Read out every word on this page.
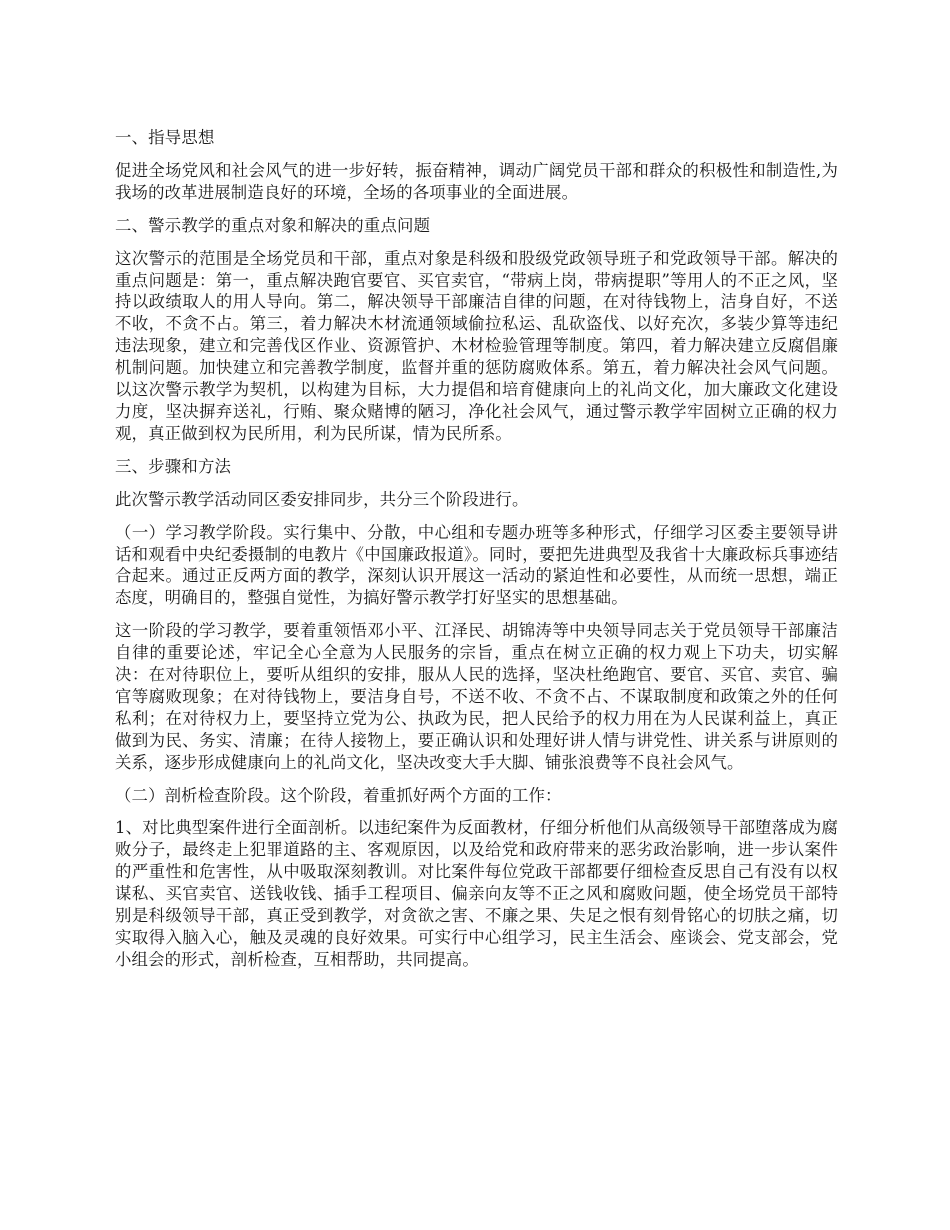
一、指导思想
促进全场党风和社会风气的进一步好转，振奋精神，调动广阔党员干部和群众的积极性和制造性,为我场的改革进展制造良好的环境，全场的各项事业的全面进展。
二、警示教学的重点对象和解决的重点问题
这次警示的范围是全场党员和干部，重点对象是科级和股级党政领导班子和党政领导干部。解决的重点问题是：第一，重点解决跑官要官、买官卖官，“带病上岗，带病提职”等用人的不正之风，坚持以政绩取人的用人导向。第二，解决领导干部廉洁自律的问题，在对待钱物上，洁身自好，不送不收，不贪不占。第三，着力解决木材流通领域偷拉私运、乱砍盗伐、以好充次，多装少算等违纪违法现象，建立和完善伐区作业、资源管护、木材检验管理等制度。第四，着力解决建立反腐倡廉机制问题。加快建立和完善教学制度，监督并重的惩防腐败体系。第五，着力解决社会风气问题。以这次警示教学为契机，以构建为目标，大力提倡和培育健康向上的礼尚文化，加大廉政文化建设力度，坚决摒弃送礼，行贿、聚众赌博的陋习，净化社会风气，通过警示教学牢固树立正确的权力观，真正做到权为民所用，利为民所谋，情为民所系。
三、步骤和方法
此次警示教学活动同区委安排同步，共分三个阶段进行。
（一）学习教学阶段。实行集中、分散，中心组和专题办班等多种形式，仔细学习区委主要领导讲话和观看中央纪委摄制的电教片《中国廉政报道》。同时，要把先进典型及我省十大廉政标兵事迹结合起来。通过正反两方面的教学，深刻认识开展这一活动的紧迫性和必要性，从而统一思想，端正态度，明确目的，整强自觉性，为搞好警示教学打好坚实的思想基础。
这一阶段的学习教学，要着重领悟邓小平、江泽民、胡锦涛等中央领导同志关于党员领导干部廉洁自律的重要论述，牢记全心全意为人民服务的宗旨，重点在树立正确的权力观上下功夫，切实解决：在对待职位上，要听从组织的安排，服从人民的选择，坚决杜绝跑官、要官、买官、卖官、骗官等腐败现象；在对待钱物上，要洁身自号，不送不收、不贪不占、不谋取制度和政策之外的任何私利；在对待权力上，要坚持立党为公、执政为民，把人民给予的权力用在为人民谋利益上，真正做到为民、务实、清廉；在待人接物上，要正确认识和处理好讲人情与讲党性、讲关系与讲原则的关系，逐步形成健康向上的礼尚文化，坚决改变大手大脚、铺张浪费等不良社会风气。
（二）剖析检查阶段。这个阶段，着重抓好两个方面的工作：
1、对比典型案件进行全面剖析。以违纪案件为反面教材，仔细分析他们从高级领导干部堕落成为腐败分子，最终走上犯罪道路的主、客观原因，以及给党和政府带来的恶劣政治影响，进一步认案件的严重性和危害性，从中吸取深刻教训。对比案件每位党政干部都要仔细检查反思自己有没有以权谋私、买官卖官、送钱收钱、插手工程项目、偏亲向友等不正之风和腐败问题，使全场党员干部特别是科级领导干部，真正受到教学，对贪欲之害、不廉之果、失足之恨有刻骨铭心的切肤之痛，切实取得入脑入心，触及灵魂的良好效果。可实行中心组学习，民主生活会、座谈会、党支部会，党小组会的形式，剖析检查，互相帮助，共同提高。
